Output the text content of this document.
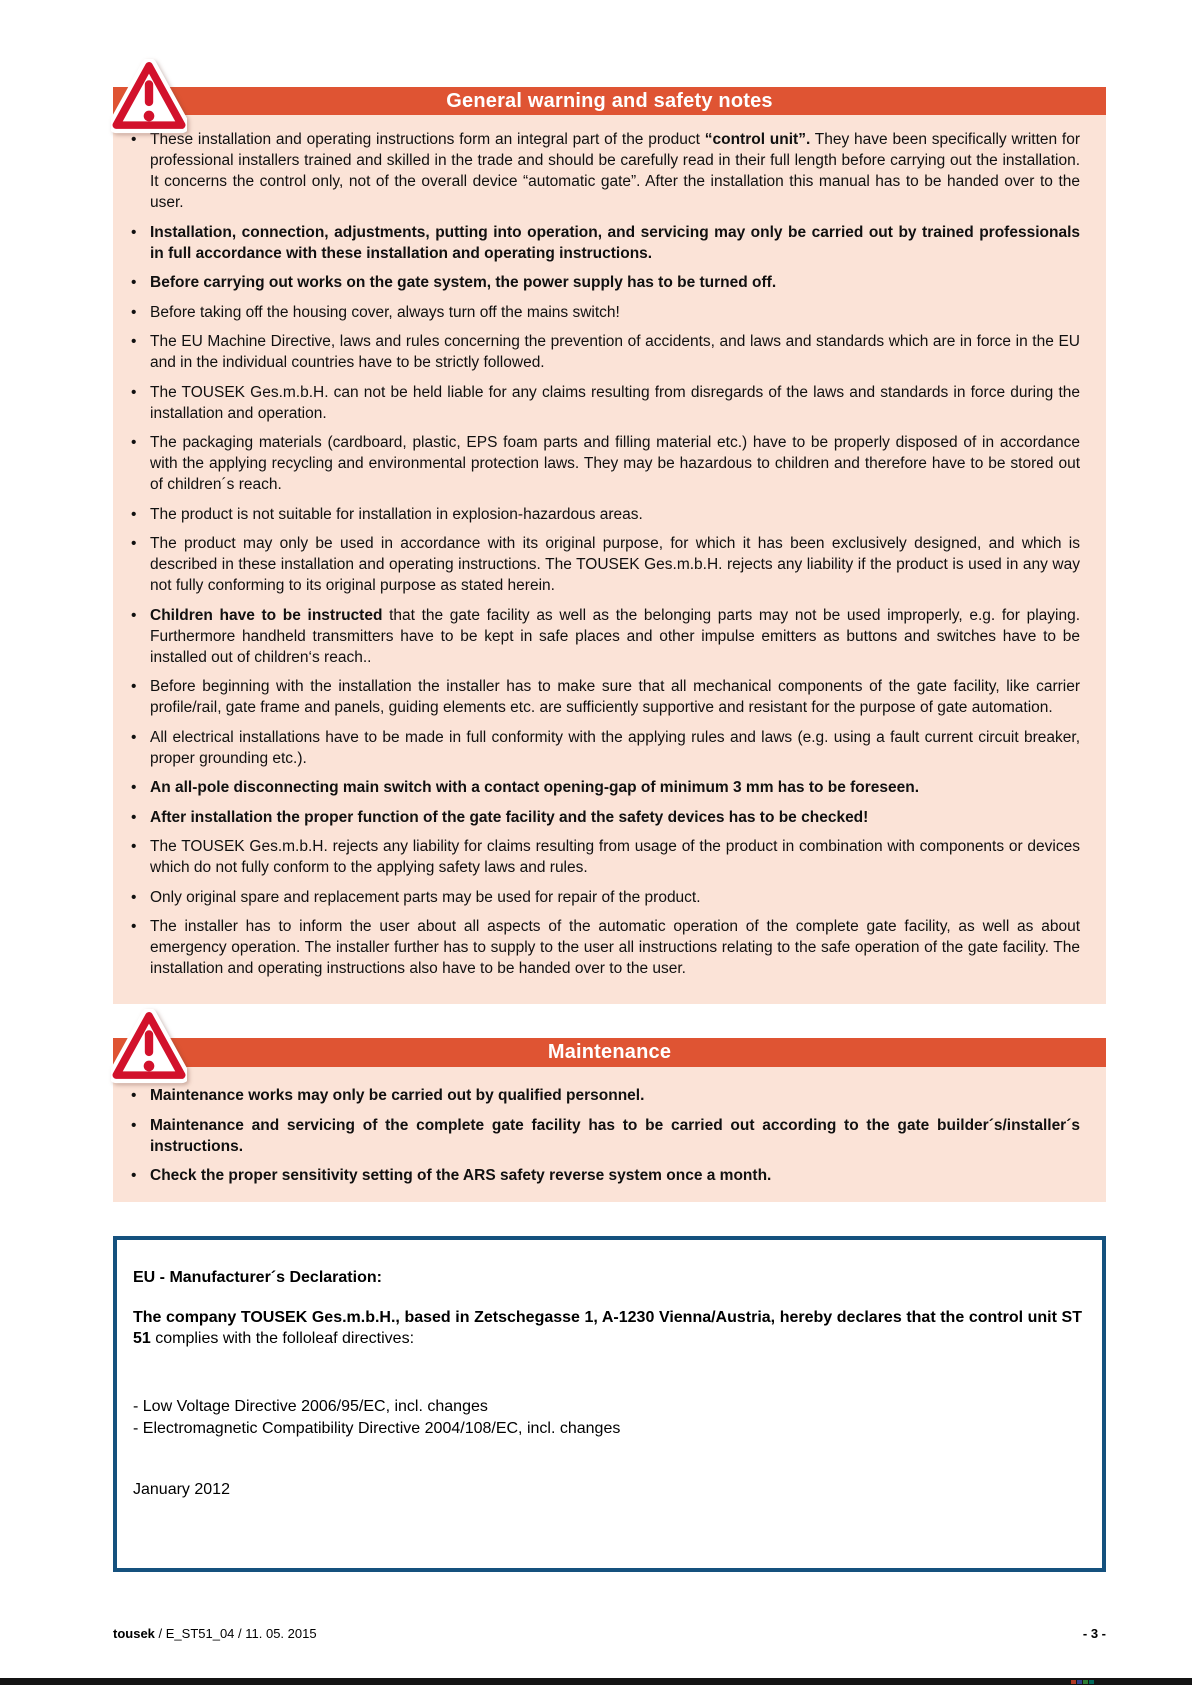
General warning and safety notes
• These installation and operating instructions form an integral part of the product “control unit”. They have been specifically written for professional installers trained and skilled in the trade and should be carefully read in their full length before carrying out the installation. It concerns the control only, not of the overall device “automatic gate”. After the installation this manual has to be handed over to the user.
• Installation, connection, adjustments, putting into operation, and servicing may only be carried out by trained professionals in full accordance with these installation and operating instructions.
• Before carrying out works on the gate system, the power supply has to be turned off.
• Before taking off the housing cover, always turn off the mains switch!
• The EU Machine Directive, laws and rules concerning the prevention of accidents, and laws and standards which are in force in the EU and in the individual countries have to be strictly followed.
• The TOUSEK Ges.m.b.H. can not be held liable for any claims resulting from disregards of the laws and standards in force during the installation and operation.
• The packaging materials (cardboard, plastic, EPS foam parts and filling material etc.) have to be properly disposed of in accordance with the applying recycling and environmental protection laws. They may be hazardous to children and therefore have to be stored out of children´s reach.
• The product is not suitable for installation in explosion-hazardous areas.
• The product may only be used in accordance with its original purpose, for which it has been exclusively designed, and which is described in these installation and operating instructions. The TOUSEK Ges.m.b.H. rejects any liability if the product is used in any way not fully conforming to its original purpose as stated herein.
• Children have to be instructed that the gate facility as well as the belonging parts may not be used improperly, e.g. for playing. Furthermore handheld transmitters have to be kept in safe places and other impulse emitters as buttons and switches have to be installed out of children‘s reach..
• Before beginning with the installation the installer has to make sure that all mechanical components of the gate facility, like carrier profile/rail, gate frame and panels, guiding elements etc. are sufficiently supportive and resistant for the purpose of gate automation.
• All electrical installations have to be made in full conformity with the applying rules and laws (e.g. using a fault current circuit breaker, proper grounding etc.).
• An all-pole disconnecting main switch with a contact opening-gap of minimum 3 mm has to be foreseen.
• After installation the proper function of the gate facility and the safety devices has to be checked!
• The TOUSEK Ges.m.b.H. rejects any liability for claims resulting from usage of the product in combination with components or devices which do not fully conform to the applying safety laws and rules.
• Only original spare and replacement parts may be used for repair of the product.
• The installer has to inform the user about all aspects of the automatic operation of the complete gate facility, as well as about emergency operation. The installer further has to supply to the user all instructions relating to the safe operation of the gate facility. The installation and operating instructions also have to be handed over to the user.
Maintenance
• Maintenance works may only be carried out by qualified personnel.
• Maintenance and servicing of the complete gate facility has to be carried out according to the gate builder´s/installer´s instructions.
• Check the proper sensitivity setting of the ARS safety reverse system once a month.
EU - Manufacturer´s Declaration:
The company TOUSEK Ges.m.b.H., based in Zetschegasse 1, A-1230 Vienna/Austria, hereby declares that the control unit ST 51 complies with the folloleaf directives:
- Low Voltage Directive 2006/95/EC, incl. changes
- Electromagnetic Compatibility Directive 2004/108/EC, incl. changes
January 2012
tousek / E_ST51_04 / 11. 05. 2015	- 3 -
